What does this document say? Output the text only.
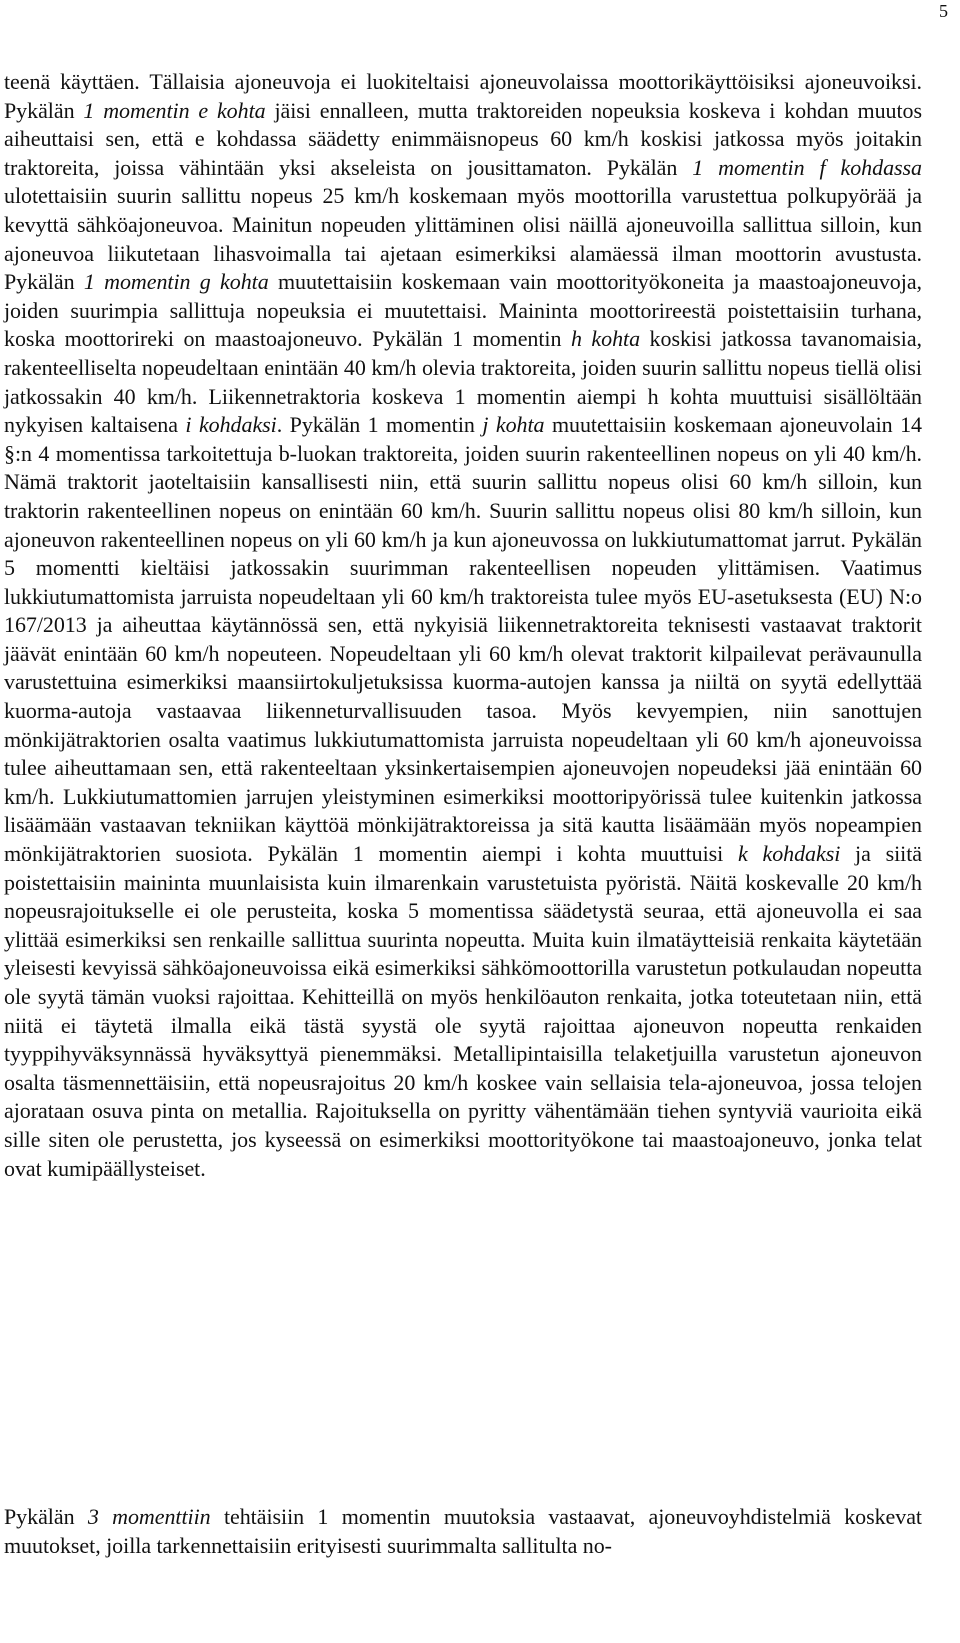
5

teenä käyttäen. Tällaisia ajoneuvoja ei luokiteltaisi ajoneuvolaissa moottorikäyttöisiksi ajoneuvoiksi. Pykälän 1 momentin e kohta jäisi ennalleen, mutta traktoreiden nopeuksia koskeva i kohdan muutos aiheuttaisi sen, että e kohdassa säädetty enimmäisnopeus 60 km/h koskisi jatkossa myös joitakin traktoreita, joissa vähintään yksi akseleista on jousittamaton. Pykälän 1 momentin f kohdassa ulotettaisiin suurin sallittu nopeus 25 km/h koskemaan myös moottorilla varustettua polkupyörää ja kevyttä sähköajoneuvoa. Mainitun nopeuden ylittäminen olisi näillä ajoneuvoilla sallittua silloin, kun ajoneuvoa liikutetaan lihasvoimalla tai ajetaan esimerkiksi alamäessä ilman moottorin avustusta. Pykälän 1 momentin g kohta muutettaisiin koskemaan vain moottorityökoneita ja maastoajoneuvoja, joiden suurimpia sallittuja nopeuksia ei muutettaisi. Maininta moottorireestä poistettaisiin turhana, koska moottorireki on maastoajoneuvo. Pykälän 1 momentin h kohta koskisi jatkossa tavanomaisia, rakenteelliselta nopeudeltaan enintään 40 km/h olevia traktoreita, joiden suurin sallittu nopeus tiellä olisi jatkossakin 40 km/h. Liikennetraktoria koskeva 1 momentin aiempi h kohta muuttuisi sisällöltään nykyisen kaltaisena i kohdaksi. Pykälän 1 momentin j kohta muutettaisiin koskemaan ajoneuvolain 14 §:n 4 momentissa tarkoitettuja b-luokan traktoreita, joiden suurin rakenteellinen nopeus on yli 40 km/h. Nämä traktorit jaoteltaisiin kansallisesti niin, että suurin sallittu nopeus olisi 60 km/h silloin, kun traktorin rakenteellinen nopeus on enintään 60 km/h. Suurin sallittu nopeus olisi 80 km/h silloin, kun ajoneuvon rakenteellinen nopeus on yli 60 km/h ja kun ajoneuvossa on lukkiutumattomat jarrut. Pykälän 5 momentti kieltäisi jatkossakin suurimman rakenteellisen nopeuden ylittämisen. Vaatimus lukkiutumattomista jarruista nopeudeltaan yli 60 km/h traktoreista tulee myös EU-asetuksesta (EU) N:o 167/2013 ja aiheuttaa käytännössä sen, että nykyisiä liikennetraktoreita teknisesti vastaavat traktorit jäävät enintään 60 km/h nopeuteen. Nopeudeltaan yli 60 km/h olevat traktorit kilpailevat perävaunulla varustettuina esimerkiksi maansiirtokuljetuksissa kuorma-autojen kanssa ja niiltä on syytä edellyttää kuorma-autoja vastaavaa liikenneturvallisuuden tasoa. Myös kevyempien, niin sanottujen mönkijätraktorien osalta vaatimus lukkiutumattomista jarruista nopeudeltaan yli 60 km/h ajoneuvoissa tulee aiheuttamaan sen, että rakenteeltaan yksinkertaisempien ajoneuvojen nopeudeksi jää enintään 60 km/h. Lukkiutumattomien jarrujen yleistyminen esimerkiksi moottoripyörissä tulee kuitenkin jatkossa lisäämään vastaavan tekniikan käyttöä mönkijätraktoreissa ja sitä kautta lisäämään myös nopeampien mönkijätraktorien suosiota. Pykälän 1 momentin aiempi i kohta muuttuisi k kohdaksi ja siitä poistettaisiin maininta muunlaisista kuin ilmarenkain varustetuista pyöristä. Näitä koskevalle 20 km/h nopeusrajoitukselle ei ole perusteita, koska 5 momentissa säädetystä seuraa, että ajoneuvolla ei saa ylittää esimerkiksi sen renkaille sallittua suurinta nopeutta. Muita kuin ilmatäytteisiä renkaita käytetään yleisesti kevyissä sähköajoneuvoissa eikä esimerkiksi sähkömoottorilla varustetun potkulaudan nopeutta ole syytä tämän vuoksi rajoittaa. Kehitteillä on myös henkilöauton renkaita, jotka toteutetaan niin, että niitä ei täytetä ilmalla eikä tästä syystä ole syytä rajoittaa ajoneuvon nopeutta renkaiden tyyppihyväksynnässä hyväksyttyä pienemmäksi. Metallipintaisilla telaketjuilla varustetun ajoneuvon osalta täsmennettäisiin, että nopeusrajoitus 20 km/h koskee vain sellaisia tela-ajoneuvoa, jossa telojen ajorataan osuva pinta on metallia. Rajoituksella on pyritty vähentämään tiehen syntyviä vaurioita eikä sille siten ole perustetta, jos kyseessä on esimerkiksi moottorityökone tai maastoajoneuvo, jonka telat ovat kumipäällysteiset.

Pykälän 3 momenttiin tehtäisiin 1 momentin muutoksia vastaavat, ajoneuvoyhdistelmiä koskevat muutokset, joilla tarkennettaisiin erityisesti suurimmalta sallitulta no-
